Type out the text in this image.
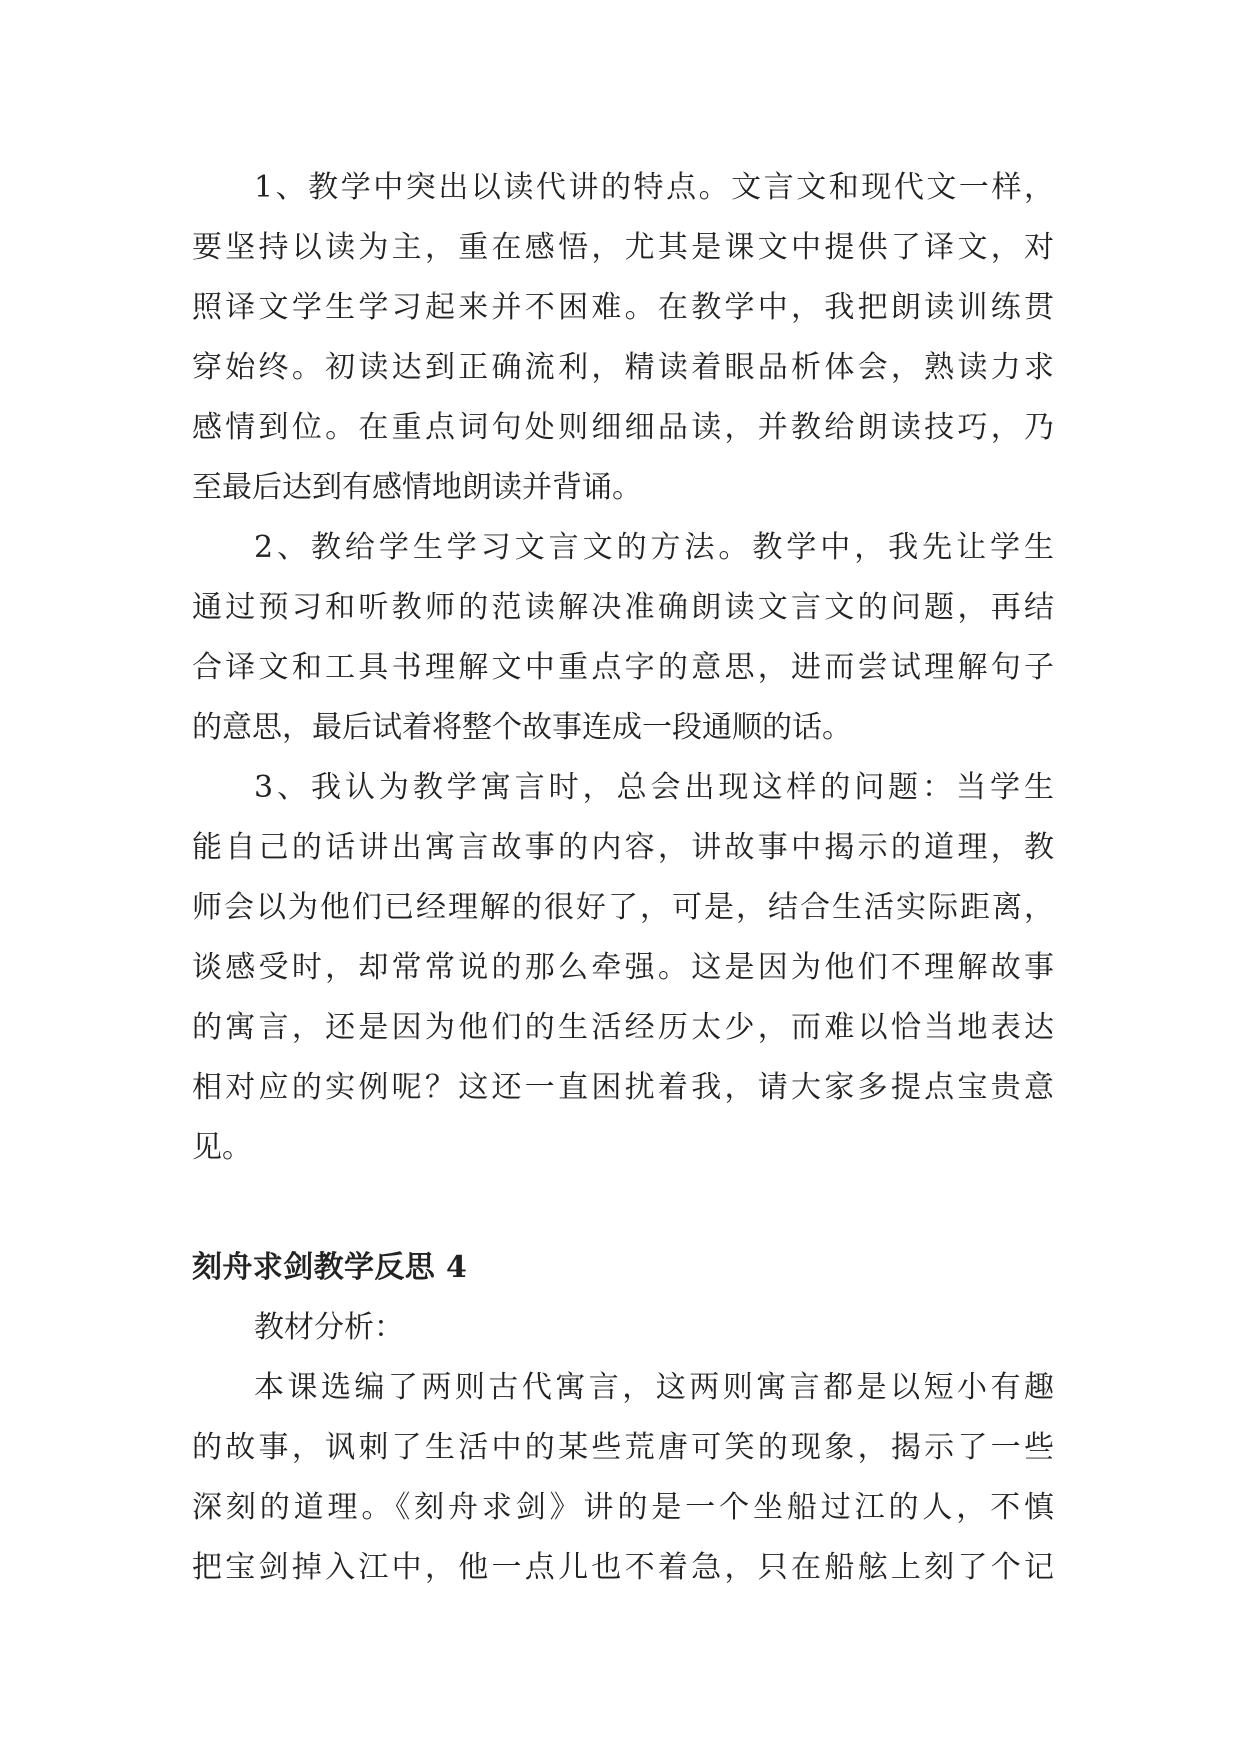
1、教学中突出以读代讲的特点。文言文和现代文一样，
要坚持以读为主，重在感悟，尤其是课文中提供了译文，对
照译文学生学习起来并不困难。在教学中，我把朗读训练贯
穿始终。初读达到正确流利，精读着眼品析体会，熟读力求
感情到位。在重点词句处则细细品读，并教给朗读技巧，乃
至最后达到有感情地朗读并背诵。
2、教给学生学习文言文的方法。教学中，我先让学生
通过预习和听教师的范读解决准确朗读文言文的问题，再结
合译文和工具书理解文中重点字的意思，进而尝试理解句子
的意思，最后试着将整个故事连成一段通顺的话。
3、我认为教学寓言时，总会出现这样的问题：当学生
能自己的话讲出寓言故事的内容，讲故事中揭示的道理，教
师会以为他们已经理解的很好了，可是，结合生活实际距离，
谈感受时，却常常说的那么牵强。这是因为他们不理解故事
的寓言，还是因为他们的生活经历太少，而难以恰当地表达
相对应的实例呢？这还一直困扰着我，请大家多提点宝贵意
见。
刻舟求剑教学反思 4
教材分析：
本课选编了两则古代寓言，这两则寓言都是以短小有趣
的故事，讽刺了生活中的某些荒唐可笑的现象，揭示了一些
深刻的道理。《刻舟求剑》讲的是一个坐船过江的人，不慎
把宝剑掉入江中，他一点儿也不着急，只在船舷上刻了个记
